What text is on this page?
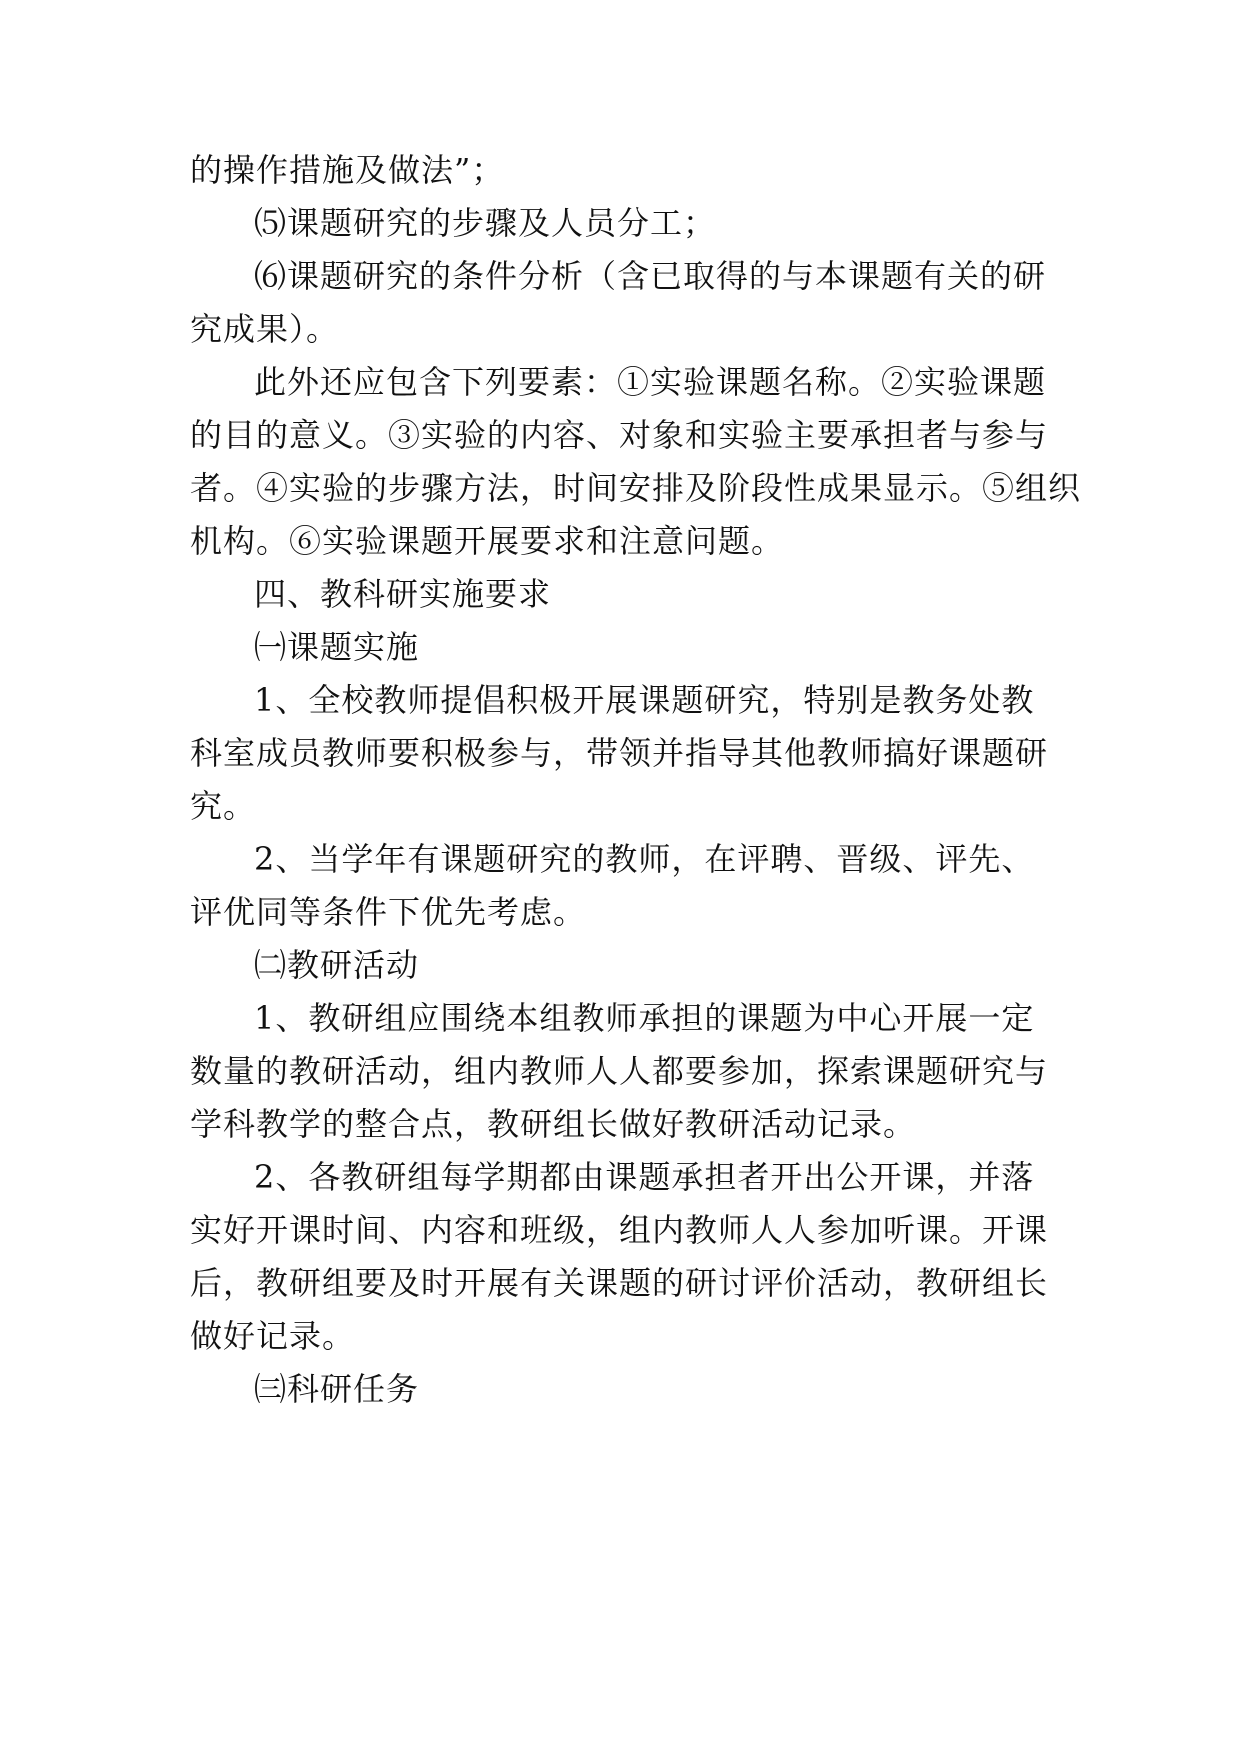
的操作措施及做法”；
⑸课题研究的步骤及人员分工；
⑹课题研究的条件分析（含已取得的与本课题有关的研
究成果）。
此外还应包含下列要素：①实验课题名称。②实验课题
的目的意义。③实验的内容、对象和实验主要承担者与参与
者。④实验的步骤方法，时间安排及阶段性成果显示。⑤组织
机构。⑥实验课题开展要求和注意问题。
四、教科研实施要求
㈠课题实施
1、全校教师提倡积极开展课题研究，特别是教务处教
科室成员教师要积极参与，带领并指导其他教师搞好课题研
究。
2、当学年有课题研究的教师，在评聘、晋级、评先、
评优同等条件下优先考虑。
㈡教研活动
1、教研组应围绕本组教师承担的课题为中心开展一定
数量的教研活动，组内教师人人都要参加，探索课题研究与
学科教学的整合点，教研组长做好教研活动记录。
2、各教研组每学期都由课题承担者开出公开课，并落
实好开课时间、内容和班级，组内教师人人参加听课。开课
后，教研组要及时开展有关课题的研讨评价活动，教研组长
做好记录。
㈢科研任务
